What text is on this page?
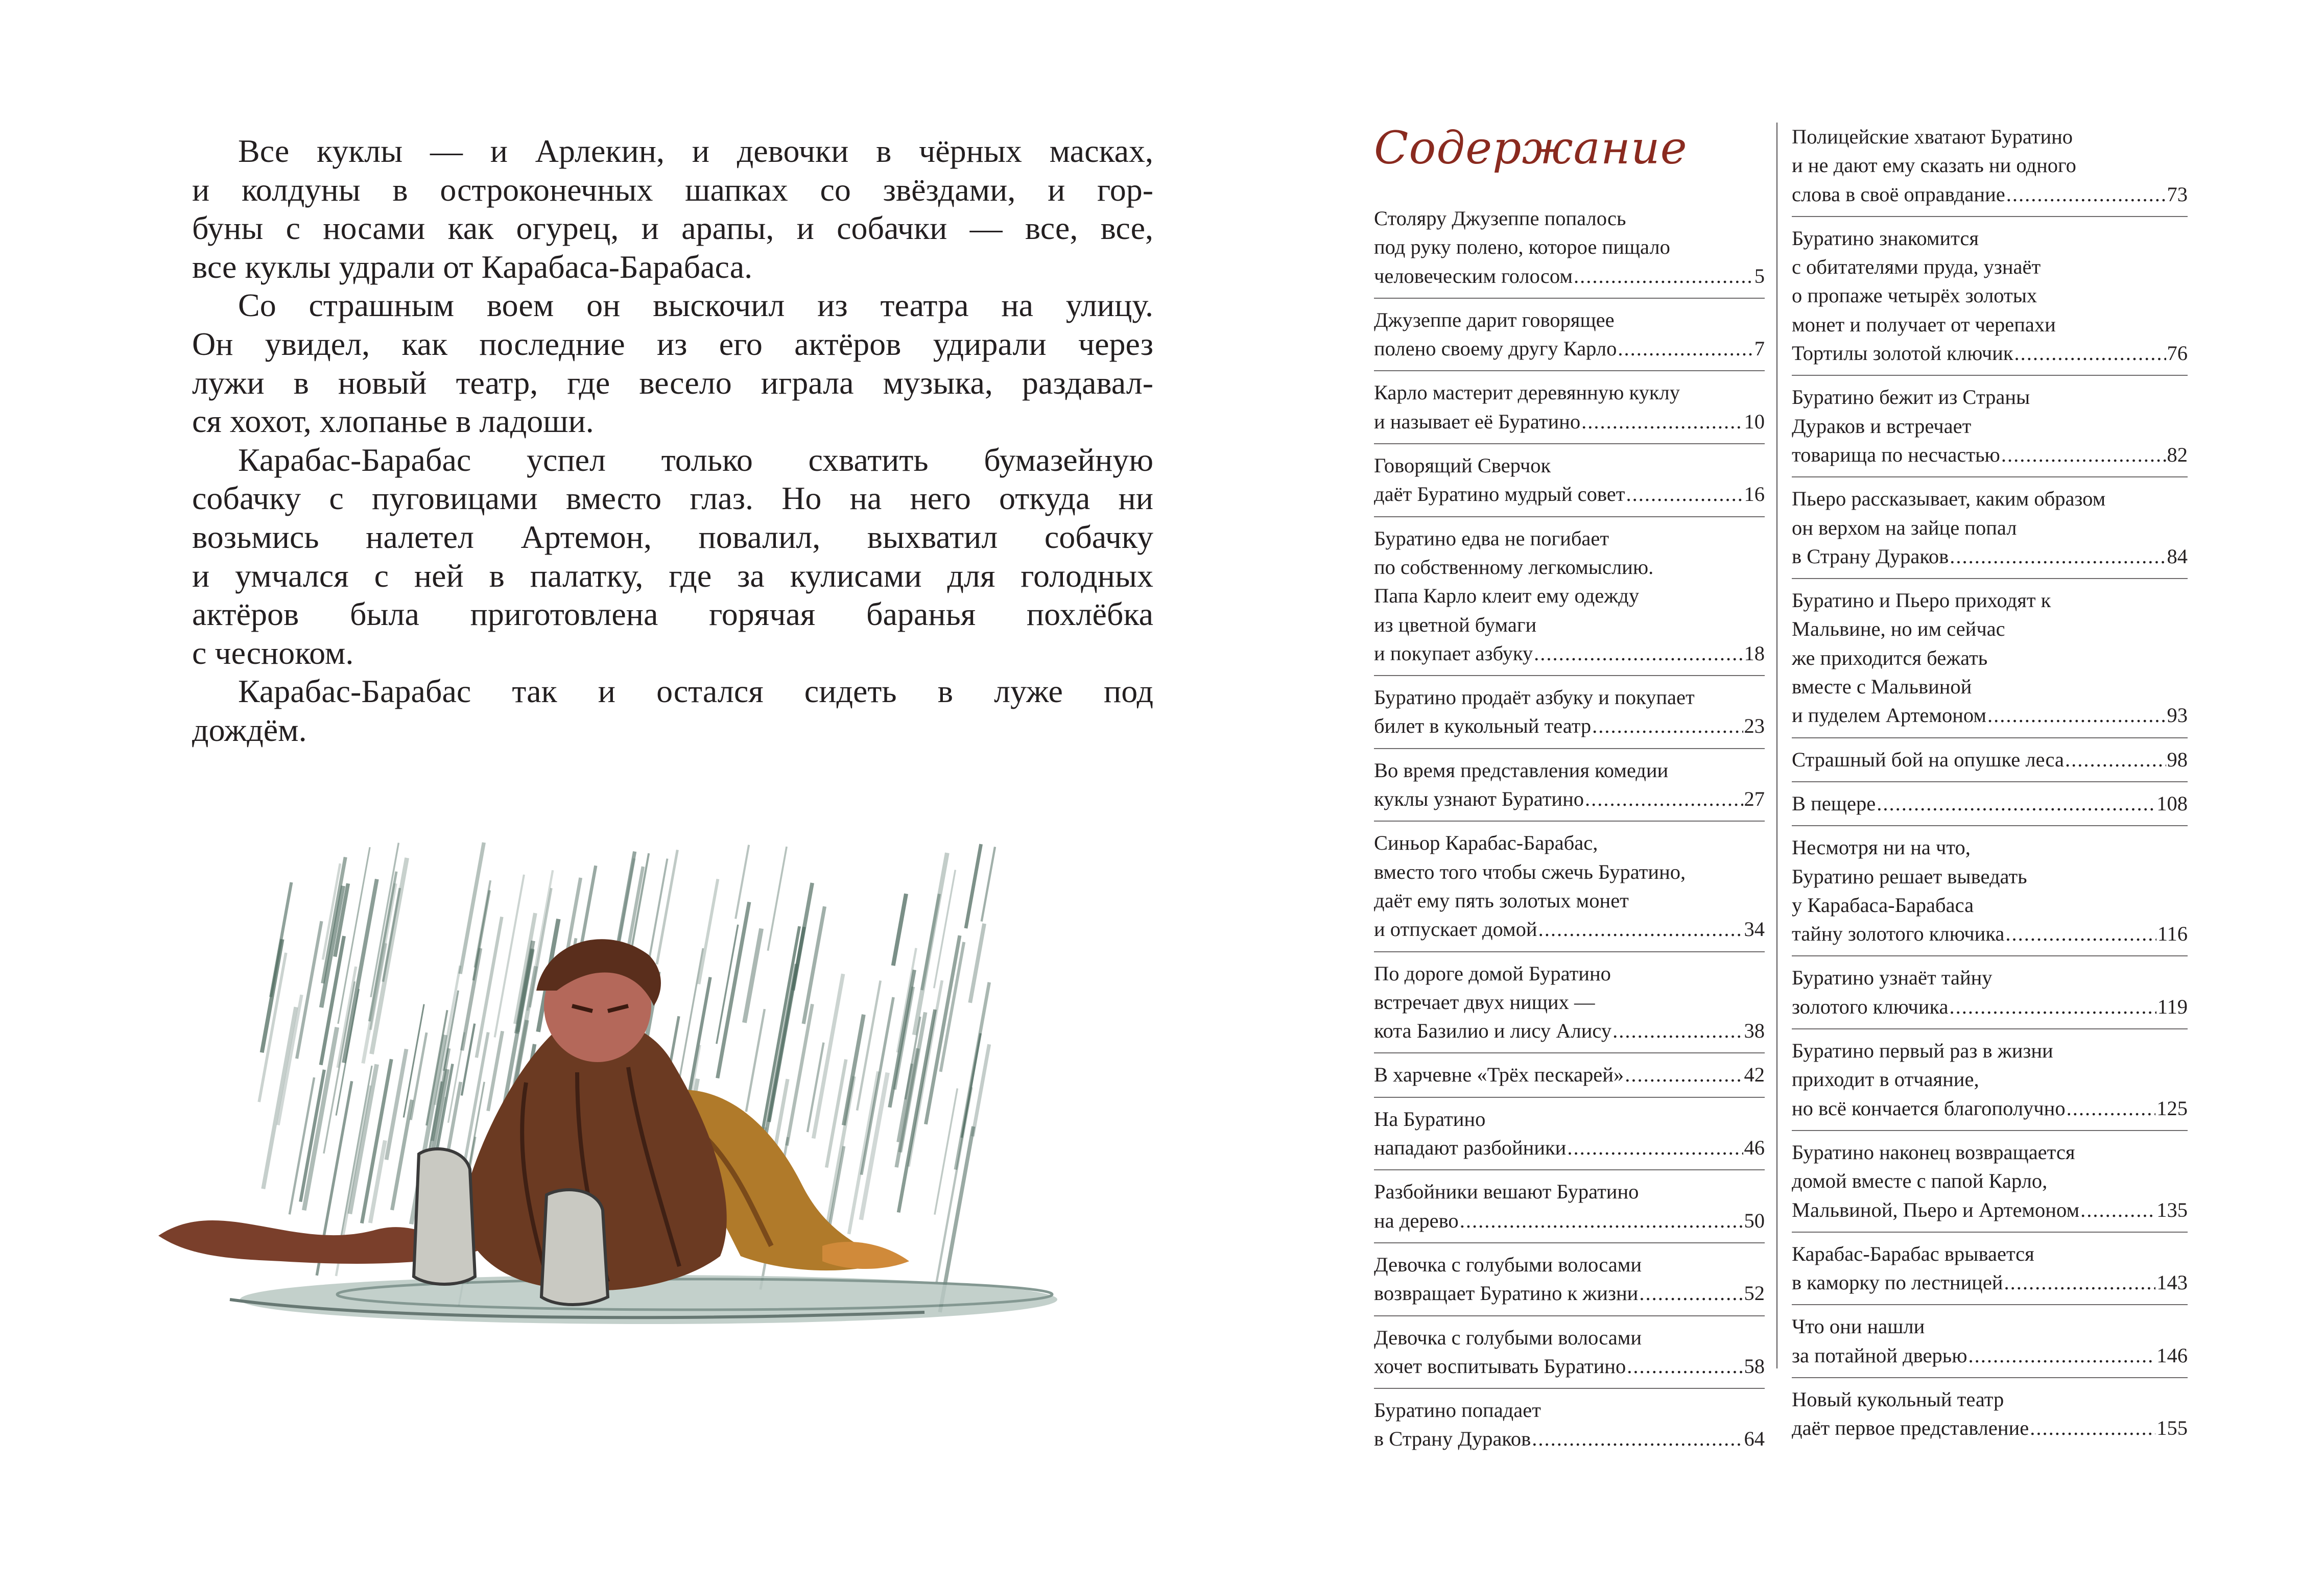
Все куклы — и Арлекин, и девочки в чёрных масках,
и колдуны в остроконечных шапках со звёздами, и гор-
буны с носами как огурец, и арапы, и собачки — все, все,
все куклы удрали от Карабаса-Барабаса.
Со страшным воем он выскочил из театра на улицу.
Он увидел, как последние из его актёров удирали через
лужи в новый театр, где весело играла музыка, раздавал-
ся хохот, хлопанье в ладоши.
Карабас-Барабас успел только схватить бумазейную
собачку с пуговицами вместо глаз. Но на него откуда ни
возьмись налетел Артемон, повалил, выхватил собачку
и умчался с ней в палатку, где за кулисами для голодных
актёров была приготовлена горячая баранья похлёбка
с чесноком.
Карабас-Барабас так и остался сидеть в луже под
дождём.
Содержание
Столяру Джузеппе попалось
под руку полено, которое пищало
человеческим голосом .....	5
Джузеппе дарит говорящее
полено своему другу Карло .....	7
Карло мастерит деревянную куклу
и называет её Буратино .....	10
Говорящий Сверчок
даёт Буратино мудрый совет .....	16
Буратино едва не погибает
по собственному легкомыслию.
Папа Карло клеит ему одежду
из цветной бумаги
и покупает азбуку .....	18
Буратино продаёт азбуку и покупает
билет в кукольный театр .....	23
Во время представления комедии
куклы узнают Буратино .....	27
Синьор Карабас-Барабас,
вместо того чтобы сжечь Буратино,
даёт ему пять золотых монет
и отпускает домой .....	34
По дороге домой Буратино
встречает двух нищих —
кота Базилио и лису Алису .....	38
В харчевне «Трёх пескарей» .....	42
На Буратино
нападают разбойники .....	46
Разбойники вешают Буратино
на дерево .....	50
Девочка с голубыми волосами
возвращает Буратино к жизни .....	52
Девочка с голубыми волосами
хочет воспитывать Буратино .....	58
Буратино попадает
в Страну Дураков .....	64
Полицейские хватают Буратино
и не дают ему сказать ни одного
слова в своё оправдание .....	73
Буратино знакомится
с обитателями пруда, узнаёт
о пропаже четырёх золотых
монет и получает от черепахи
Тортилы золотой ключик .....	76
Буратино бежит из Страны
Дураков и встречает
товарища по несчастью .....	82
Пьеро рассказывает, каким образом
он верхом на зайце попал
в Страну Дураков .....	84
Буратино и Пьеро приходят к
Мальвине, но им сейчас
же приходится бежать
вместе с Мальвиной
и пуделем Артемоном .....	93
Страшный бой на опушке леса .....	98
В пещере .....	108
Несмотря ни на что,
Буратино решает выведать
у Карабаса-Барабаса
тайну золотого ключика .....	116
Буратино узнаёт тайну
золотого ключика .....	119
Буратино первый раз в жизни
приходит в отчаяние,
но всё кончается благополучно .....	125
Буратино наконец возвращается
домой вместе с папой Карло,
Мальвиной, Пьеро и Артемоном .....	135
Карабас-Барабас врывается
в каморку по лестницей .....	143
Что они нашли
за потайной дверью .....	146
Новый кукольный театр
даёт первое представление .....	155
